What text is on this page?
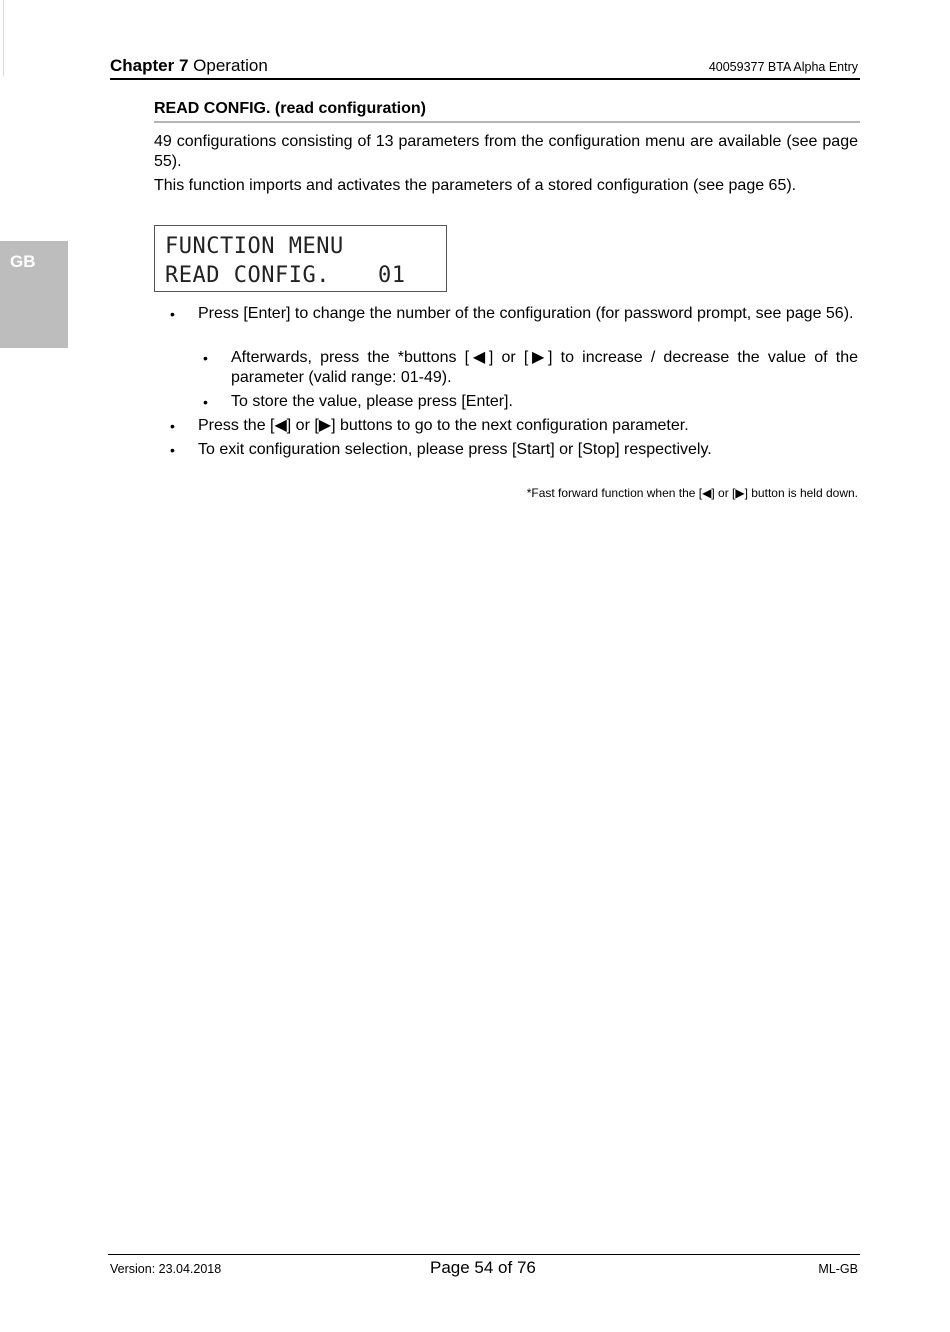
Chapter 7 Operation	40059377 BTA Alpha Entry
GB
READ CONFIG. (read configuration)
49 configurations consisting of 13 parameters from the configuration menu are available (see page 55).
This function imports and activates the parameters of a stored configuration (see page 65).
FUNCTION MENU
READ CONFIG. 01
• Press [Enter] to change the number of the configuration (for password prompt, see page 56).
• Afterwards, press the *buttons [◀] or [▶] to increase / decrease the value of the parameter (valid range: 01-49).
• To store the value, please press [Enter].
• Press the [◀] or [▶] buttons to go to the next configuration parameter.
• To exit configuration selection, please press [Start] or [Stop] respectively.
*Fast forward function when the [◀] or [▶] button is held down.
Version: 23.04.2018	Page 54 of 76	ML-GB
